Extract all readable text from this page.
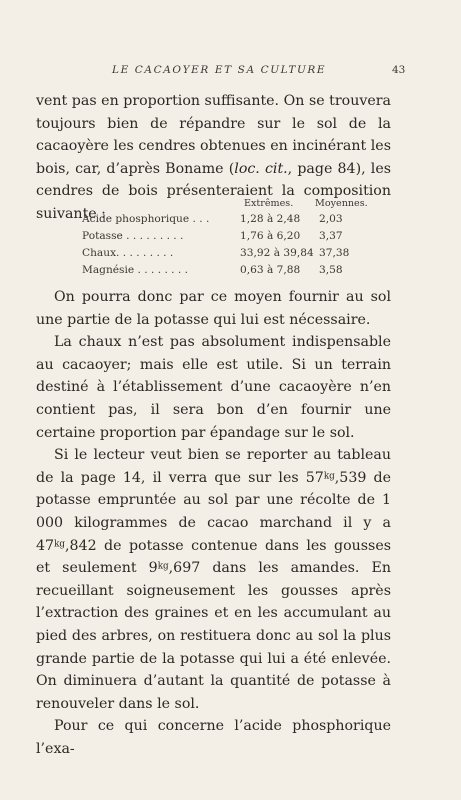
LE CACAOYER ET SA CULTURE	43

vent pas en proportion suffisante. On se trouvera toujours bien de répandre sur le sol de la cacaoyère les cendres obtenues en incinérant les bois, car, d’après Boname (loc. cit., page 84), les cendres de bois présenteraient la composition suivante :

Extrêmes. Moyennes.
Acide phosphorique . . .	1,28 à 2,48 2,03
Potasse . . . . . . . . .	1,76 à 6,20 3,37
Chaux. . . . . . . . .	33,92 à 39,84 37,38
Magnésie . . . . . . . .	0,63 à 7,88 3,58

On pourra donc par ce moyen fournir au sol une partie de la potasse qui lui est nécessaire.

La chaux n’est pas absolument indispensable au cacaoyer; mais elle est utile. Si un terrain destiné à l’établissement d’une cacaoyère n’en contient pas, il sera bon d’en fournir une certaine proportion par épandage sur le sol.

Si le lecteur veut bien se reporter au tableau de la page 14, il verra que sur les $57^{kg},539$ de potasse empruntée au sol par une récolte de 1 000 kilogrammes de cacao marchand il y a $47^{kg},842$ de potasse contenue dans les gousses et seulement $9^{kg},697$ dans les amandes. En recueillant soigneusement les gousses après l’extraction des graines et en les accumulant au pied des arbres, on restituera donc au sol la plus grande partie de la potasse qui lui a été enlevée. On diminuera d’autant la quantité de potasse à renouveler dans le sol.

Pour ce qui concerne l’acide phosphorique l’exa-
